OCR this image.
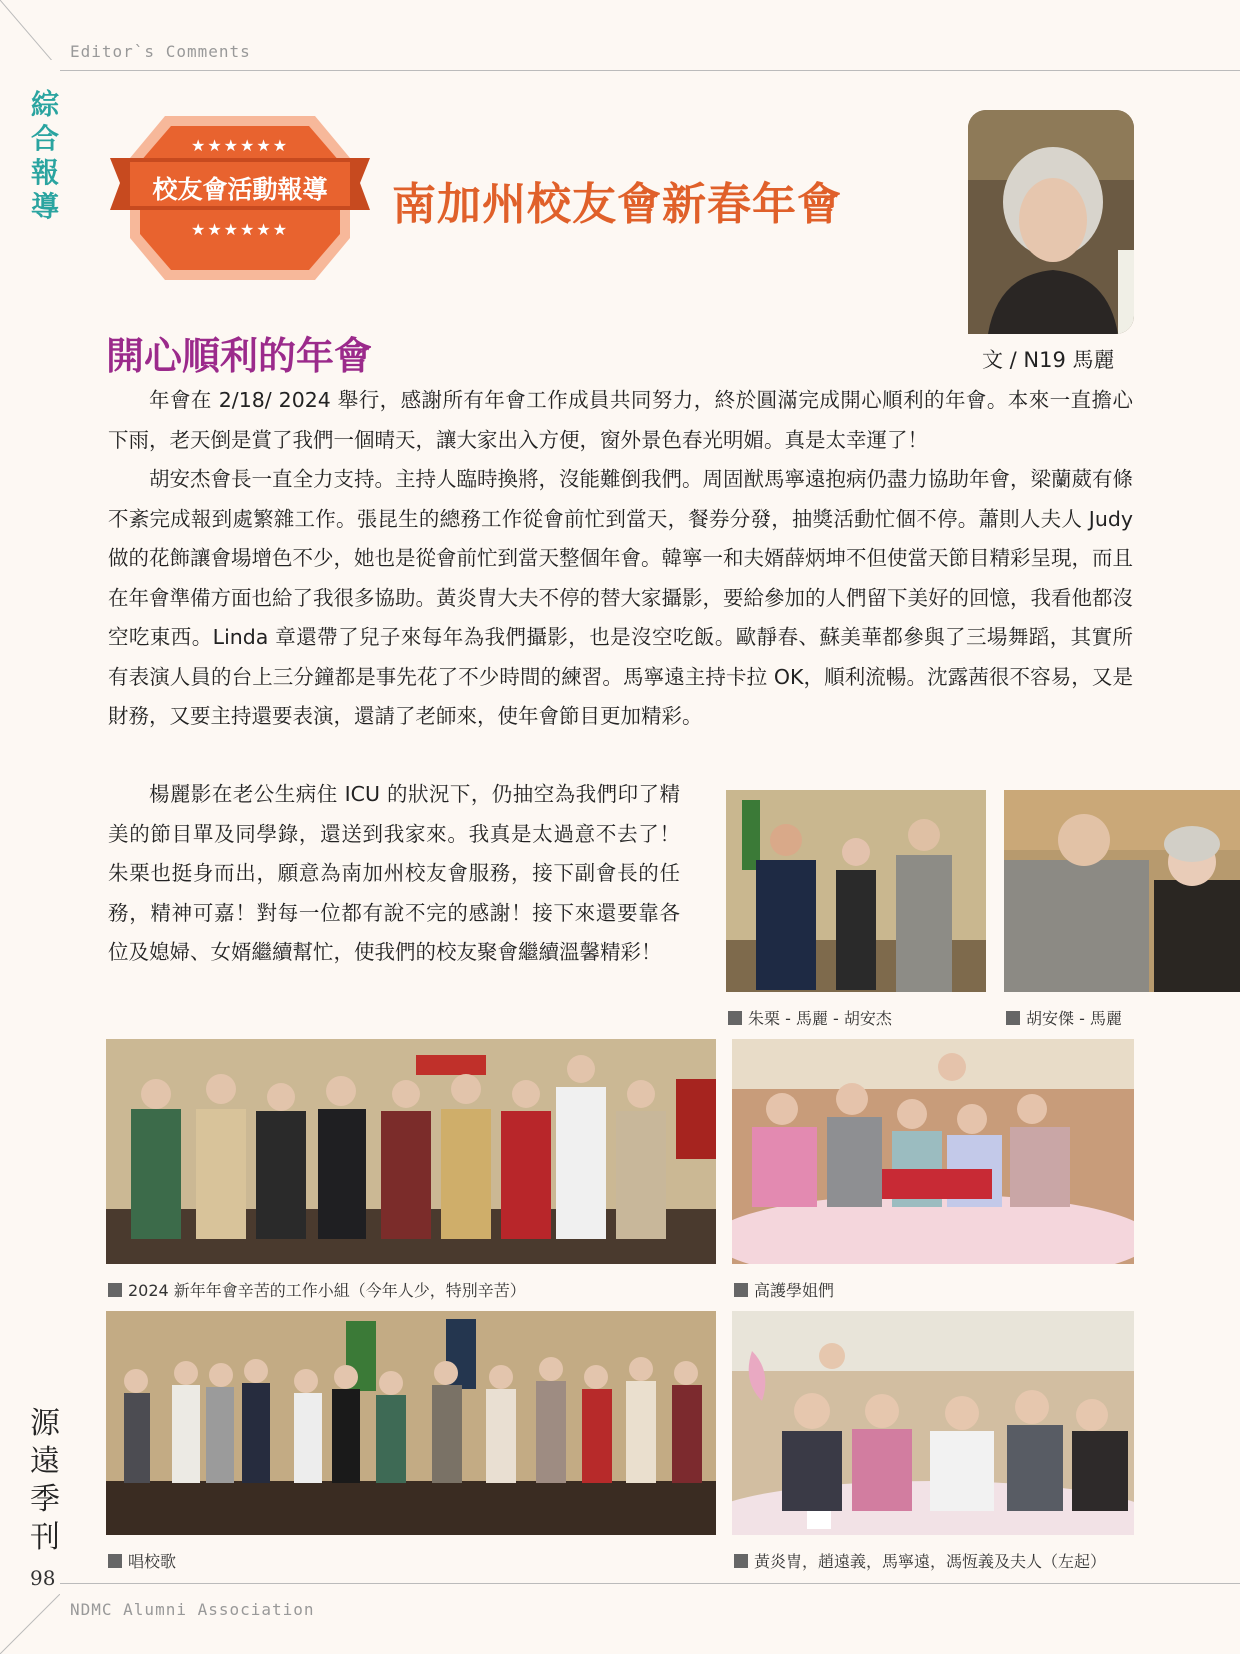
Editor`s Comments
綜合報導
★★★★★★
校友會活動報導
★★★★★★	南加州校友會新春年會
文 / N19 馬麗
開心順利的年會

年會在 2/18/ 2024 舉行，感謝所有年會工作成員共同努力，終於圓滿完成開心順利的年會。本來一直擔心下雨，老天倒是賞了我們一個晴天，讓大家出入方便，窗外景色春光明媚。真是太幸運了！

胡安杰會長一直全力支持。主持人臨時換將，沒能難倒我們。周固猷馬寧遠抱病仍盡力協助年會，梁蘭葳有條不紊完成報到處繁雜工作。張昆生的總務工作從會前忙到當天，餐券分發，抽獎活動忙個不停。蕭則人夫人 Judy 做的花飾讓會場增色不少，她也是從會前忙到當天整個年會。韓寧一和夫婿薛炳坤不但使當天節目精彩呈現，而且在年會準備方面也給了我很多協助。黃炎冑大夫不停的替大家攝影，要給參加的人們留下美好的回憶，我看他都沒空吃東西。Linda 章還帶了兒子來每年為我們攝影，也是沒空吃飯。歐靜春、蘇美華都參與了三場舞蹈，其實所有表演人員的台上三分鐘都是事先花了不少時間的練習。馬寧遠主持卡拉 OK，順利流暢。沈露茜很不容易，又是財務，又要主持還要表演，還請了老師來，使年會節目更加精彩。

楊麗影在老公生病住 ICU 的狀況下，仍抽空為我們印了精美的節目單及同學錄，還送到我家來。我真是太過意不去了！朱栗也挺身而出，願意為南加州校友會服務，接下副會長的任務，精神可嘉！對每一位都有說不完的感謝！接下來還要靠各位及媳婦、女婿繼續幫忙，使我們的校友聚會繼續溫馨精彩！

朱栗 - 馬麗 - 胡安杰	胡安傑 - 馬麗
2024 新年年會辛苦的工作小組（今年人少，特別辛苦）	高護學姐們
唱校歌	黃炎冑，趙遠義，馬寧遠，馮恆義及夫人（左起）
源遠季刊
98
NDMC Alumni Association
